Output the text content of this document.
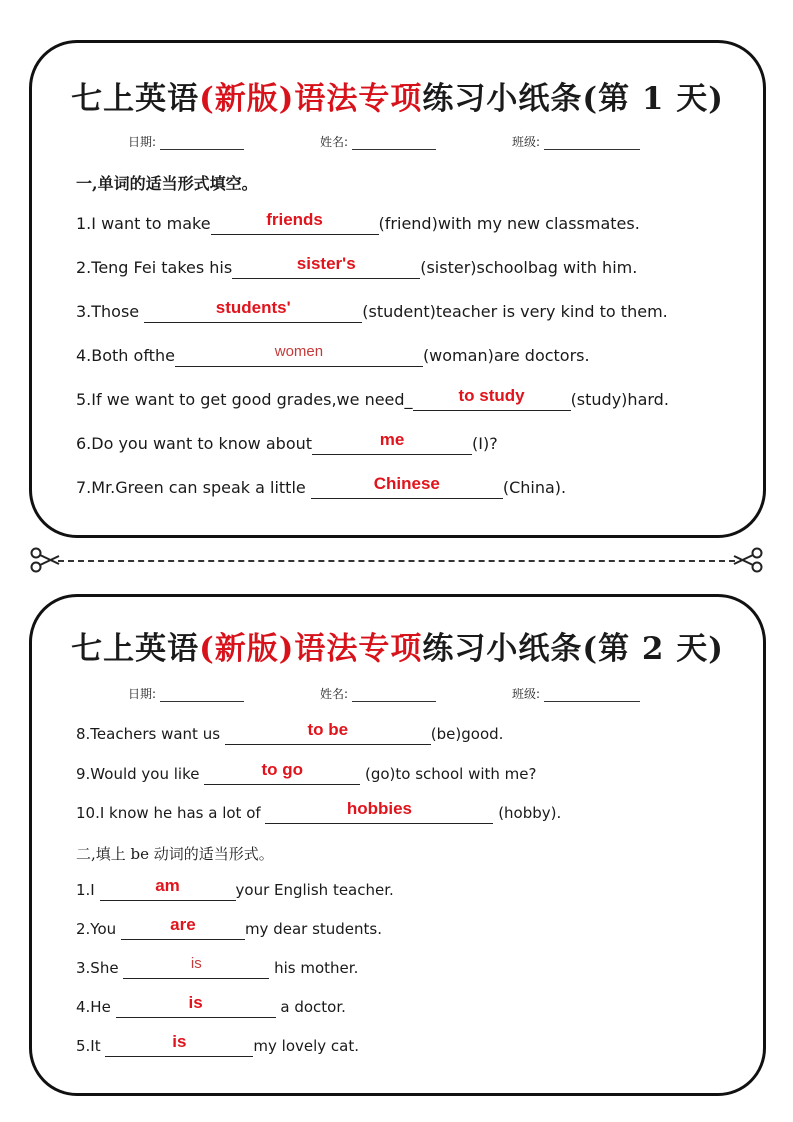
七上英语(新版)语法专项练习小纸条(第 1 天)
日期:	姓名:	班级:
一,单词的适当形式填空。
1.I want to make	friends	(friend)with my new classmates.
2.Teng Fei takes his	sister's	(sister)schoolbag with him.
3.Those	students'	(student)teacher is very kind to them.
4.Both ofthe	women	(woman)are doctors.
5.If we want to get good grades,we need_	to study	(study)hard.
6.Do you want to know about	me	(I)?
7.Mr.Green can speak a little	Chinese	(China).
七上英语(新版)语法专项练习小纸条(第 2 天)
日期:	姓名:	班级:
8.Teachers want us	to be	(be)good.
9.Would you like	to go	(go)to school with me?
10.I know he has a lot of	hobbies	(hobby).
二,填上 be 动词的适当形式。
1.I	am	your English teacher.
2.You	are	my dear students.
3.She	is	his mother.
4.He	is	a doctor.
5.It	is	my lovely cat.
